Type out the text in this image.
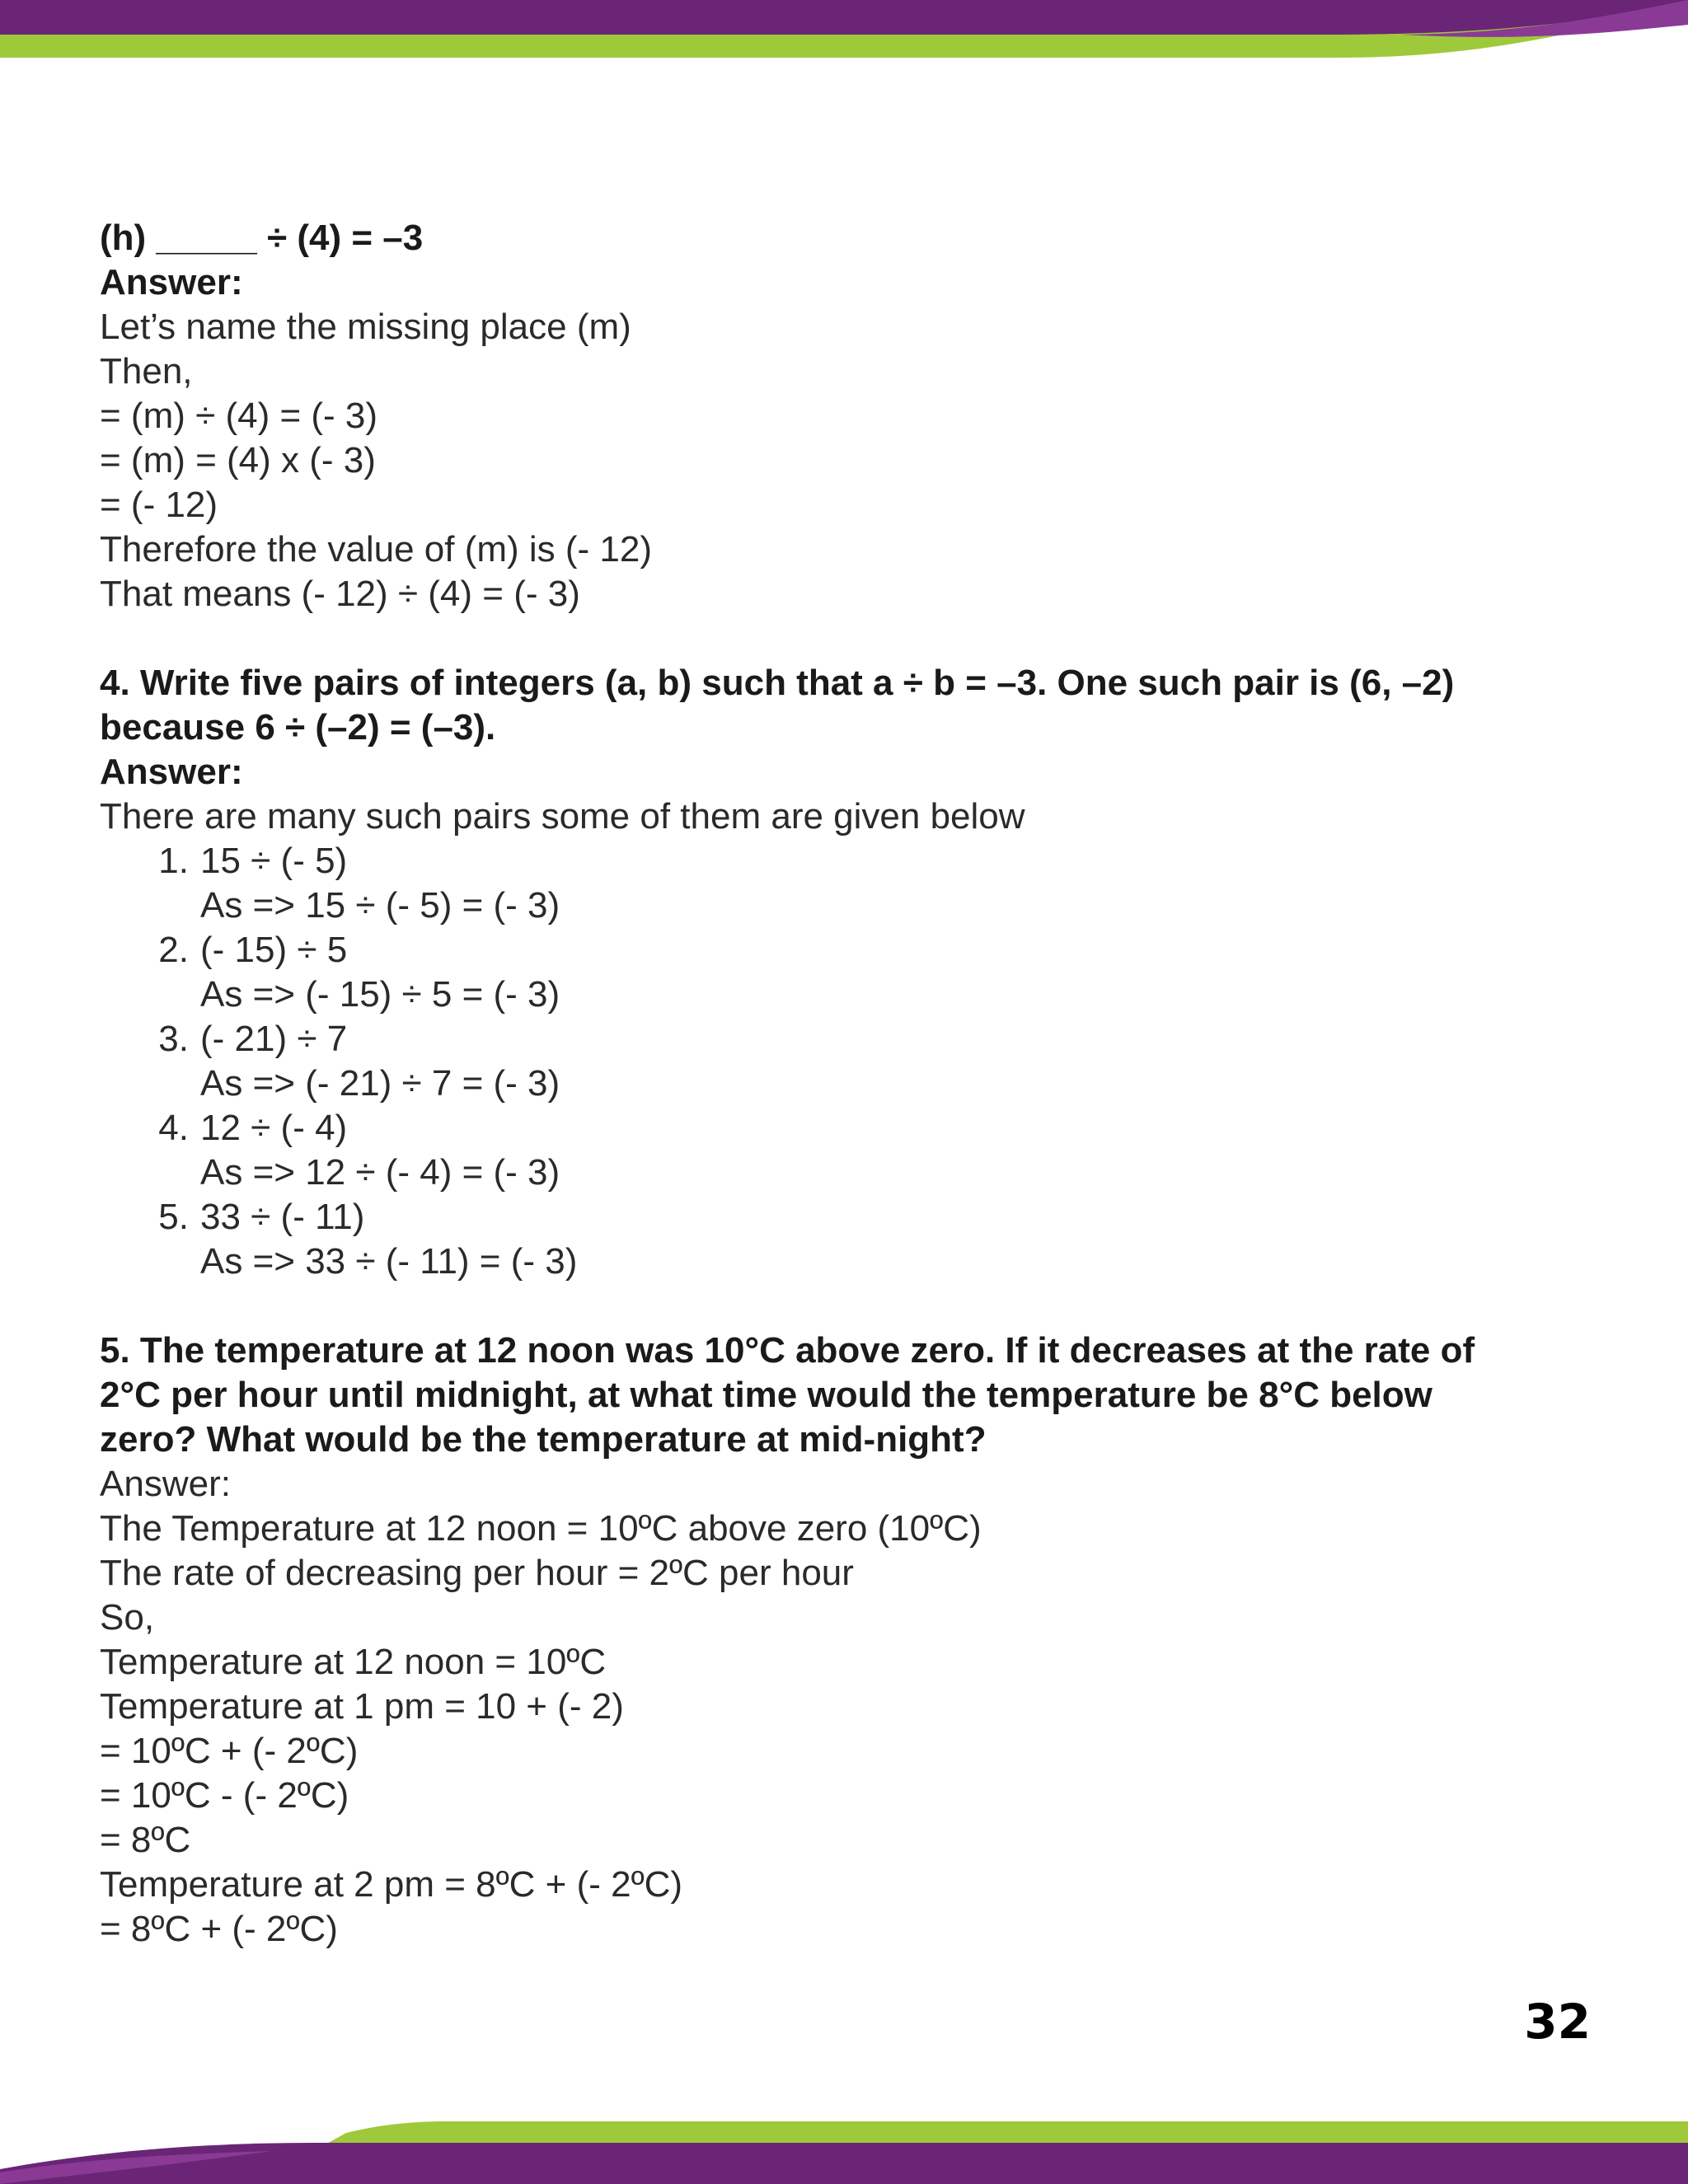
(h) _____ ÷ (4) = –3
Answer:
Let’s name the missing place (m)
Then,
= (m) ÷ (4) = (- 3)
= (m) = (4) x (- 3)
= (- 12)
Therefore the value of (m) is (- 12)
That means (- 12) ÷ (4) = (- 3)
4. Write five pairs of integers (a, b) such that a ÷ b = –3. One such pair is (6, –2)
because 6 ÷ (–2) = (–3).
Answer:
There are many such pairs some of them are given below
1. 15 ÷ (- 5)
As => 15 ÷ (- 5) = (- 3)
2. (- 15) ÷ 5
As => (- 15) ÷ 5 = (- 3)
3. (- 21) ÷ 7
As => (- 21) ÷ 7 = (- 3)
4. 12 ÷ (- 4)
As => 12 ÷ (- 4) = (- 3)
5. 33 ÷ (- 11)
As => 33 ÷ (- 11) = (- 3)
5. The temperature at 12 noon was 10°C above zero. If it decreases at the rate of
2°C per hour until midnight, at what time would the temperature be 8°C below
zero? What would be the temperature at mid-night?
Answer:
The Temperature at 12 noon = 10ºC above zero (10ºC)
The rate of decreasing per hour = 2ºC per hour
So,
Temperature at 12 noon = 10ºC
Temperature at 1 pm = 10 + (- 2)
= 10ºC + (- 2ºC)
= 10ºC - (- 2ºC)
= 8ºC
Temperature at 2 pm = 8ºC + (- 2ºC)
= 8ºC + (- 2ºC)
32
